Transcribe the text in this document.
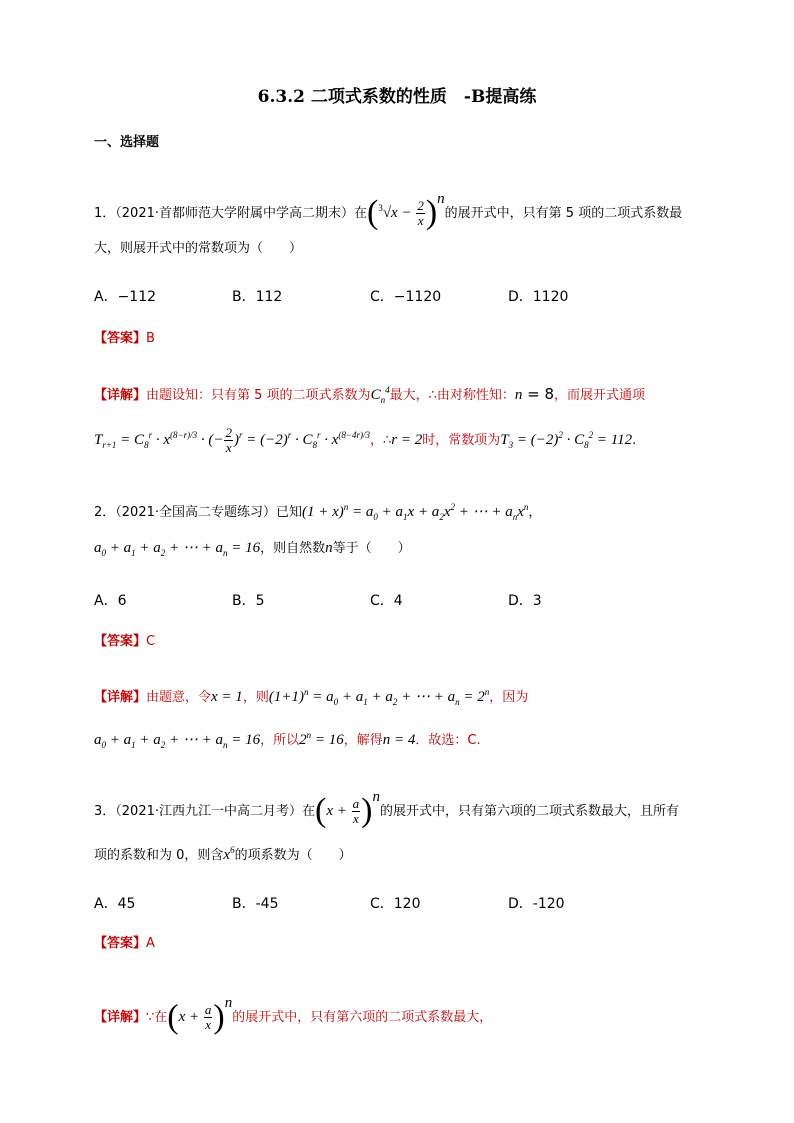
6.3.2 二项式系数的性质　-B提高练
一、选择题
1．（2021·首都师范大学附属中学高二期末）在$(^3√x - \frac{2}{x} )^n$的展开式中，只有第 5 项的二项式系数最
大，则展开式中的常数项为（　　）
A．−112	B．112	C．−1120	D．1120
【答案】B
【详解】由题设知：只有第 5 项的二项式系数为$C_n^4$最大，∴由对称性知：n = 8，而展开式通项
$T_{r+1} = C_8^r \cdot x^{(8-r)/3}$ · (− $\frac{2}{x} )^r = (-2)^r \cdot C_8^r \cdot x^{(8-4r)/3}$，∴r = 2时，常数项为$T_3 = (-2)^2 \cdot C_8^2 = 112$.
2．（2021·全国高二专题练习）已知$(1 + x)^n = a_0 + a_1x + a_2x^2$ + ⋯ + $a_nx^n$，
$a_0 + a_1 + a_2$ + ⋯ + $a_n = 16$，则自然数n等于（　　）
A．6	B．5	C．4	D．3
【答案】C
【详解】由题意，令x = 1，则$(1+1)^n = a_0 + a_1 + a_2$ + ⋯ + $a_n = 2^n$，因为
$a_0 + a_1 + a_2$ + ⋯ + $a_n = 16$，所以$2^n = 16$，解得n = 4．故选：C.
3．（2021·江西九江一中高二月考）在$(x + \frac{a}{x} )^n$的展开式中，只有第六项的二项式系数最大，且所有
项的系数和为 0，则含$x^6$的项系数为（　　）
A．45	B．-45	C．120	D．-120
【答案】A
【详解】∵在$(x + \frac{a}{x} )^n$的展开式中，只有第六项的二项式系数最大，
